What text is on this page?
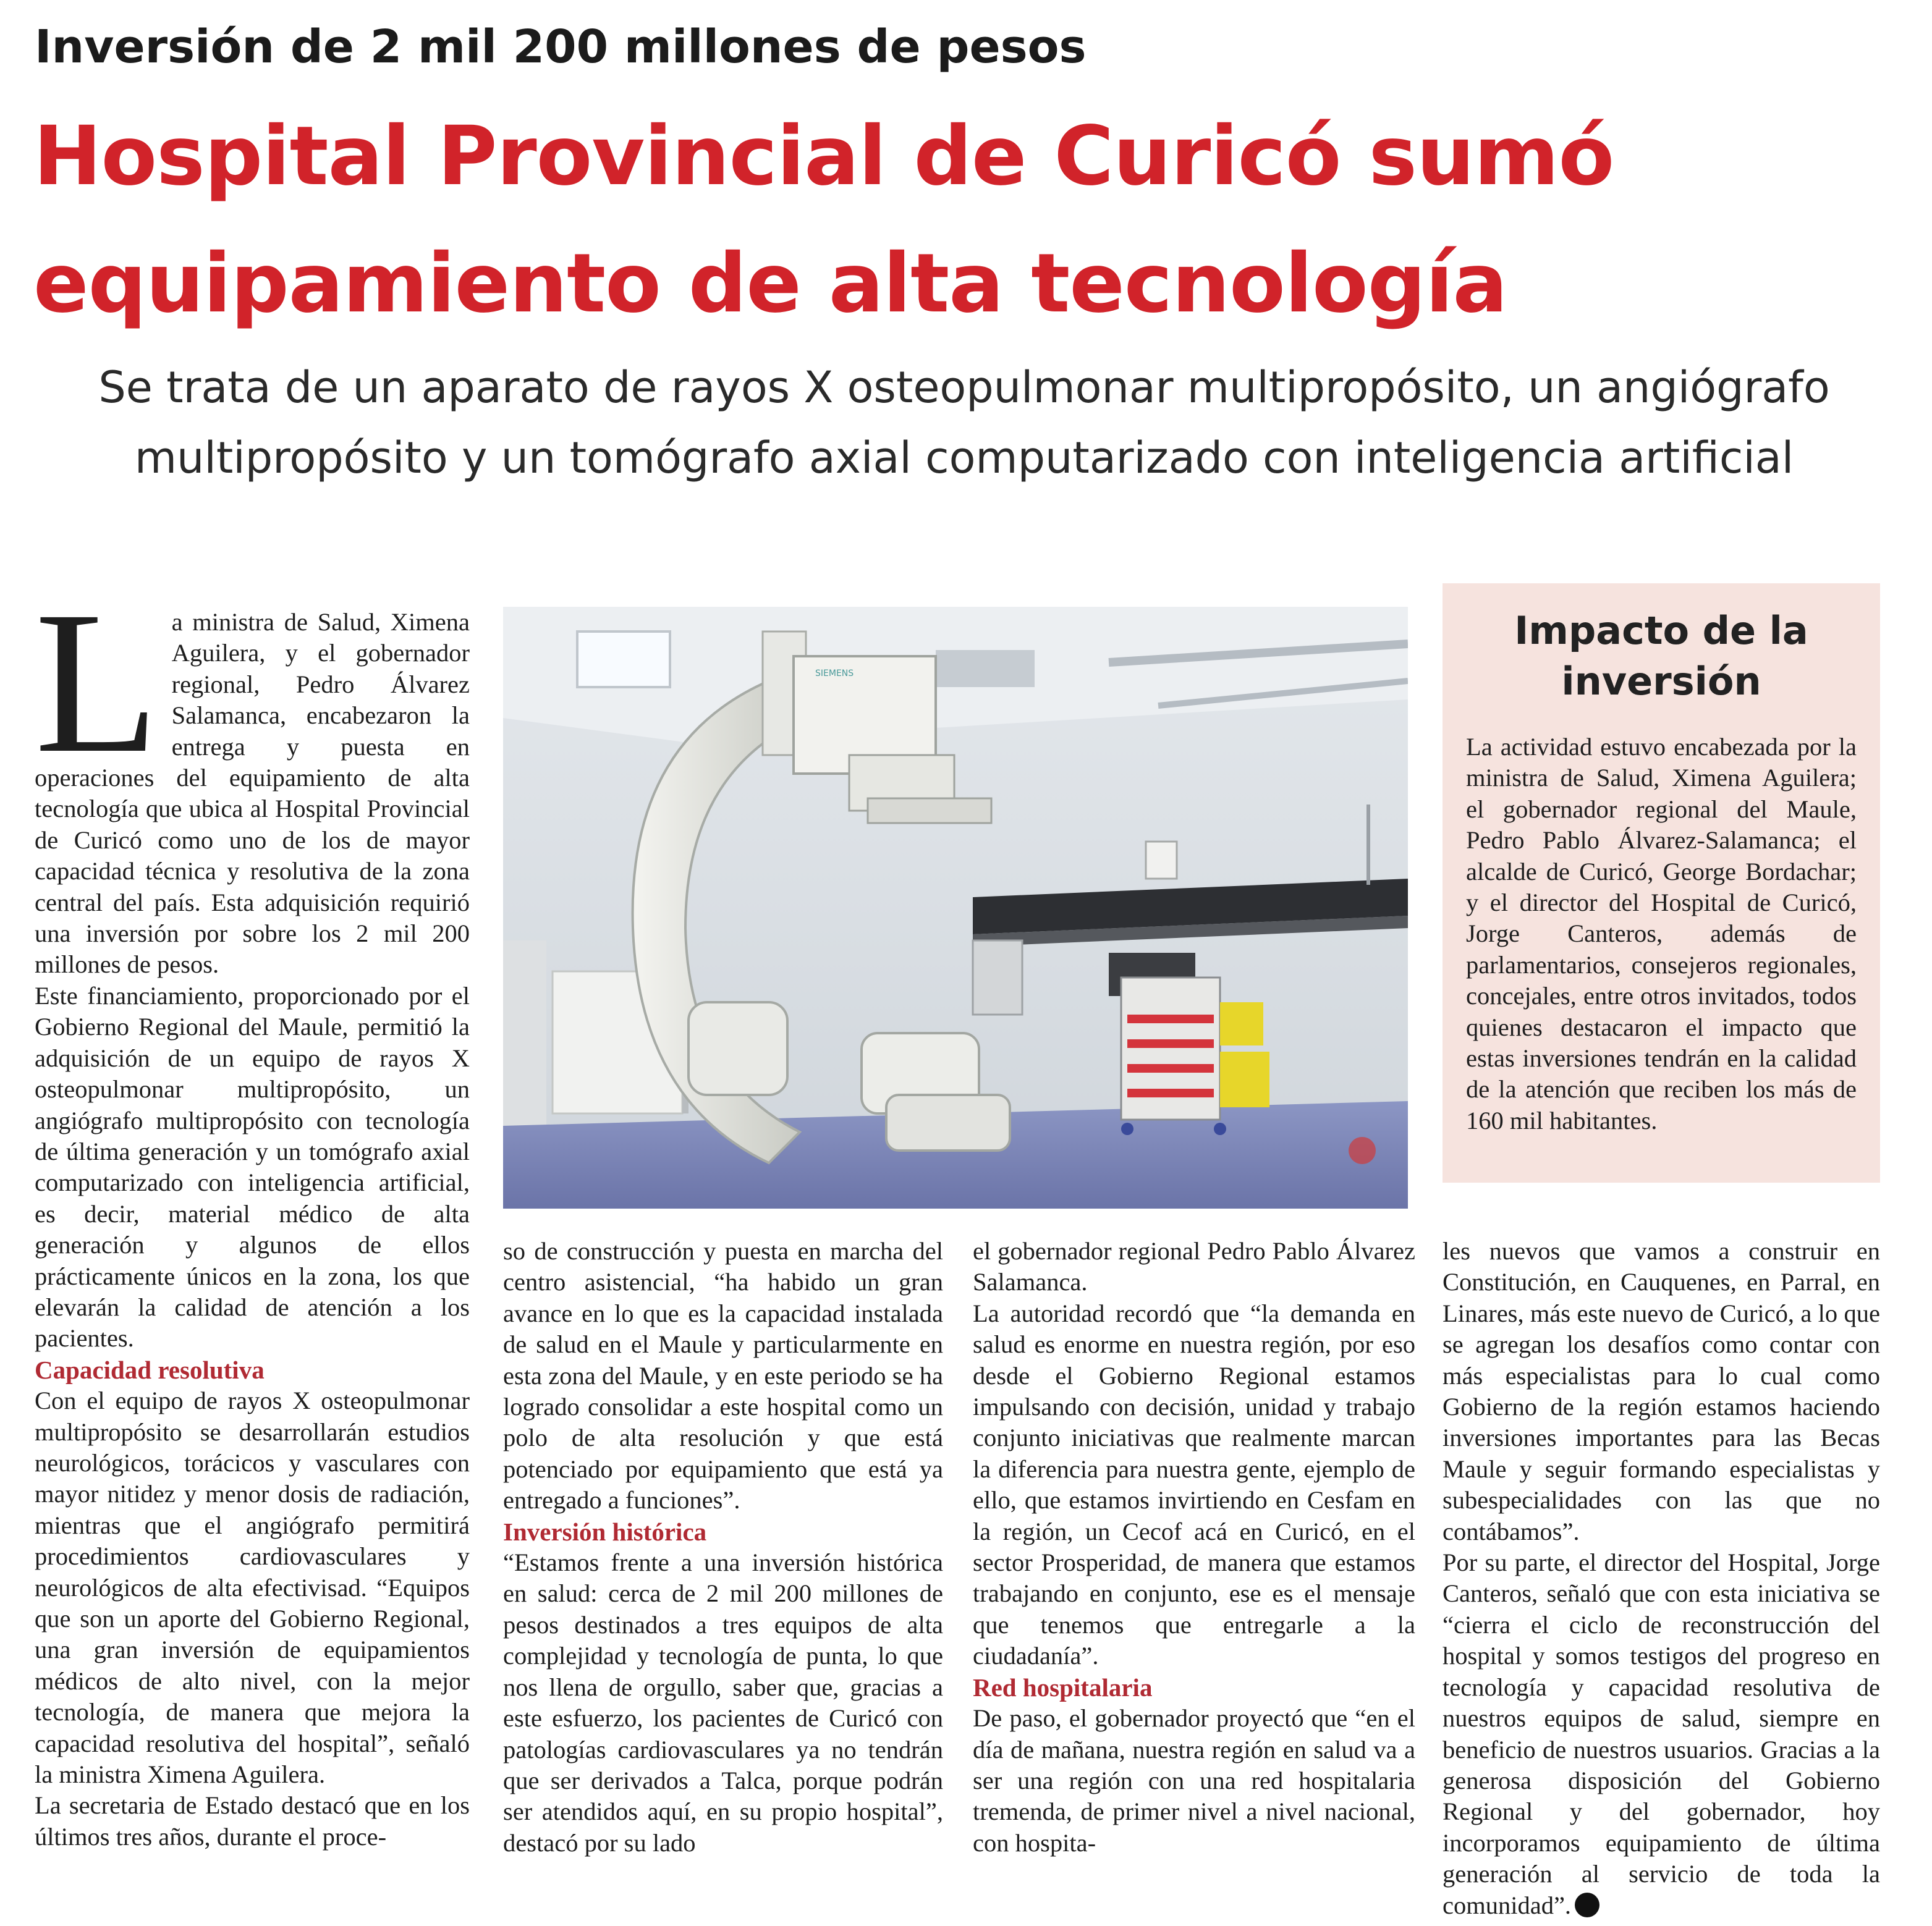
Inversión de 2 mil 200 millones de pesos
Hospital Provincial de Curicó sumó equipamiento de alta tecnología
Se trata de un aparato de rayos X osteopulmonar multipropósito, un angiógrafo multipropósito y un tomógrafo axial computarizado con inteligencia artificial
L a ministra de Salud, Ximena Aguilera, y el gobernador regional, Pedro Álvarez Salamanca, encabezaron la entrega y puesta en operaciones del equipamiento de alta tecnología que ubica al Hospital Provincial de Curicó como uno de los de mayor capacidad técnica y resolutiva de la zona central del país. Esta adquisición requirió una inversión por sobre los 2 mil 200 millones de pesos.

Este financiamiento, proporcionado por el Gobierno Regional del Maule, permitió la adquisición de un equipo de rayos X osteopulmonar multipropósito, un angiógrafo multipropósito con tecnología de última generación y un tomógrafo axial computarizado con inteligencia artificial, es decir, material médico de alta generación y algunos de ellos prácticamente únicos en la zona, los que elevarán la calidad de atención a los pacientes.

Capacidad resolutiva

Con el equipo de rayos X osteopulmonar multipropósito se desarrollarán estudios neurológicos, torácicos y vasculares con mayor nitidez y menor dosis de radiación, mientras que el angiógrafo permitirá procedimientos cardiovasculares y neurológicos de alta efectivisad. “Equipos que son un aporte del Gobierno Regional, una gran inversión de equipamientos médicos de alto nivel, con la mejor tecnología, de manera que mejora la capacidad resolutiva del hospital”, señaló la ministra Ximena Aguilera.

La secretaria de Estado destacó que en los últimos tres años, durante el proce-

SIEMENS
Impacto de la inversión
La actividad estuvo encabezada por la ministra de Salud, Ximena Aguilera; el gobernador regional del Maule, Pedro Pablo Álvarez-Salamanca; el alcalde de Curicó, George Bordachar; y el director del Hospital de Curicó, Jorge Canteros, además de parlamentarios, consejeros regionales, concejales, entre otros invitados, todos quienes destacaron el impacto que estas inversiones tendrán en la calidad de la atención que reciben los más de 160 mil habitantes.

so de construcción y puesta en marcha del centro asistencial, “ha habido un gran avance en lo que es la capacidad instalada de salud en el Maule y particularmente en esta zona del Maule, y en este periodo se ha logrado consolidar a este hospital como un polo de alta resolución y que está potenciado por equipamiento que está ya entregado a funciones”.

Inversión histórica

“Estamos frente a una inversión histórica en salud: cerca de 2 mil 200 millones de pesos destinados a tres equipos de alta complejidad y tecnología de punta, lo que nos llena de orgullo, saber que, gracias a este esfuerzo, los pacientes de Curicó con patologías cardiovasculares ya no tendrán que ser derivados a Talca, porque podrán ser atendidos aquí, en su propio hospital”, destacó por su lado

el gobernador regional Pedro Pablo Álvarez Salamanca.

La autoridad recordó que “la demanda en salud es enorme en nuestra región, por eso desde el Gobierno Regional estamos impulsando con decisión, unidad y trabajo conjunto iniciativas que realmente marcan la diferencia para nuestra gente, ejemplo de ello, que estamos invirtiendo en Cesfam en la región, un Cecof acá en Curicó, en el sector Prosperidad, de manera que estamos trabajando en conjunto, ese es el mensaje que tenemos que entregarle a la ciudadanía”.

Red hospitalaria

De paso, el gobernador proyectó que “en el día de mañana, nuestra región en salud va a ser una región con una red hospitalaria tremenda, de primer nivel a nivel nacional, con hospita-

les nuevos que vamos a construir en Constitución, en Cauquenes, en Parral, en Linares, más este nuevo de Curicó, a lo que se agregan los desafíos como contar con más especialistas para lo cual como Gobierno de la región estamos haciendo inversiones importantes para las Becas Maule y seguir formando especialistas y subespecialidades con las que no contábamos”.

Por su parte, el director del Hospital, Jorge Canteros, señaló que con esta iniciativa se “cierra el ciclo de reconstrucción del hospital y somos testigos del progreso en tecnología y capacidad resolutiva de nuestros equipos de salud, siempre en beneficio de nuestros usuarios. Gracias a la generosa disposición del Gobierno Regional y del gobernador, hoy incorporamos equipamiento de última generación al servicio de toda la comunidad”.
